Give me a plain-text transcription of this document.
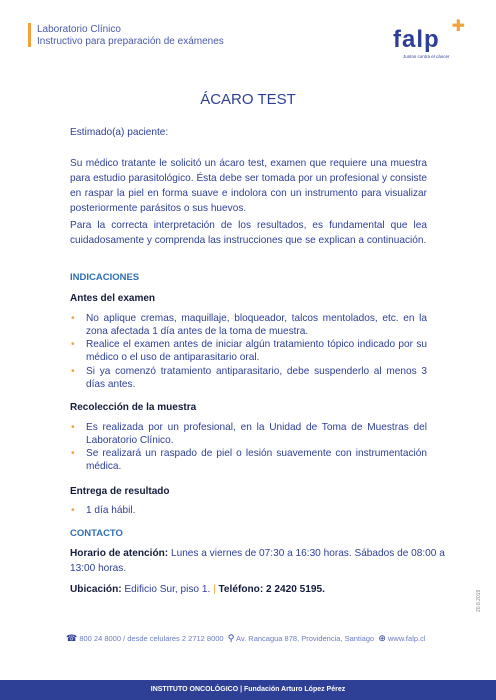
Laboratorio Clínico
Instructivo para preparación de exámenes	falp ✚
Juntos contra el cáncer
ÁCARO TEST
Estimado(a) paciente:
Su médico tratante le solicitó un ácaro test, examen que requiere una muestra para estudio parasitológico. Ésta debe ser tomada por un profesional y consiste en raspar la piel en forma suave e indolora con un instrumento para visualizar posteriormente parásitos o sus huevos.
Para la correcta interpretación de los resultados, es fundamental que lea cuidadosamente y comprenda las instrucciones que se explican a continuación.
INDICACIONES
Antes del examen
• No aplique cremas, maquillaje, bloqueador, talcos mentolados, etc. en la zona afectada 1 día antes de la toma de muestra.
• Realice el examen antes de iniciar algún tratamiento tópico indicado por su médico o el uso de antiparasitario oral.
• Si ya comenzó tratamiento antiparasitario, debe suspenderlo al menos 3 días antes.
Recolección de la muestra
• Es realizada por un profesional, en la Unidad de Toma de Muestras del Laboratorio Clínico.
• Se realizará un raspado de piel o lesión suavemente con instrumentación médica.
Entrega de resultado
• 1 día hábil.
CONTACTO
Horario de atención: Lunes a viernes de 07:30 a 16:30 horas. Sábados de 08:00 a 13:00 horas.
Ubicación: Edificio Sur, piso 1. | Teléfono: 2 2420 5195.
☎ 800 24 8000 / desde celulares 2 2712 8000 ⚲ Av. Rancagua 878, Providencia, Santiago ⊕ www.falp.cl
20.8.2019
INSTITUTO ONCOLÓGICO | Fundación Arturo López Pérez
